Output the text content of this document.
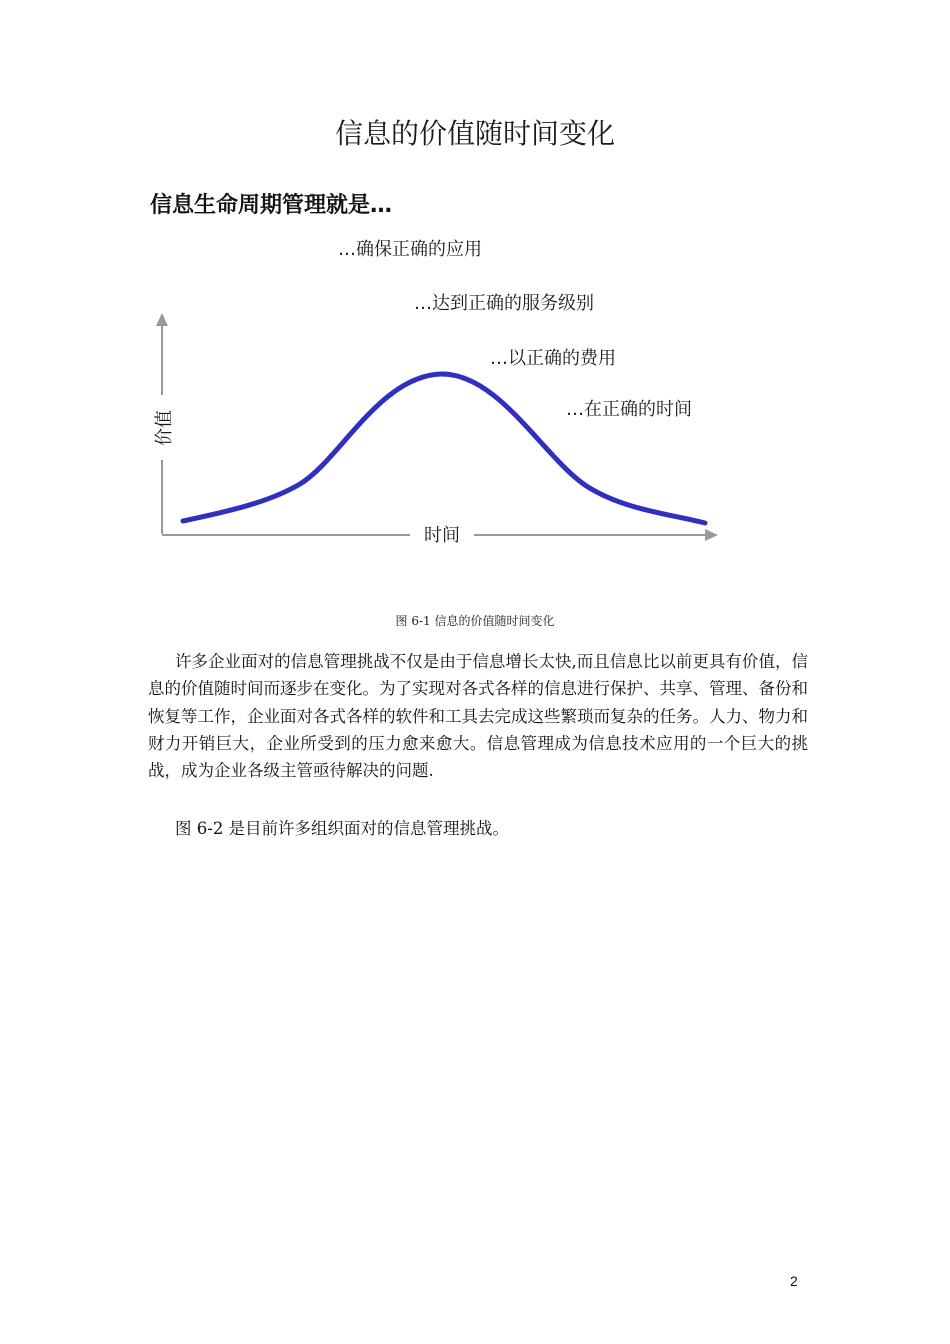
信息的价值随时间变化
信息生命周期管理就是…
…确保正确的应用
…达到正确的服务级别
…以正确的费用
…在正确的时间
时间
价值
图 6-1 信息的价值随时间变化
许多企业面对的信息管理挑战不仅是由于信息增长太快,而且信息比以前更具有价值，信息的价值随时间而逐步在变化。为了实现对各式各样的信息进行保护、共享、管理、备份和恢复等工作，企业面对各式各样的软件和工具去完成这些繁琐而复杂的任务。人力、物力和财力开销巨大，企业所受到的压力愈来愈大。信息管理成为信息技术应用的一个巨大的挑战，成为企业各级主管亟待解决的问题.
图 6-2 是目前许多组织面对的信息管理挑战。
2
